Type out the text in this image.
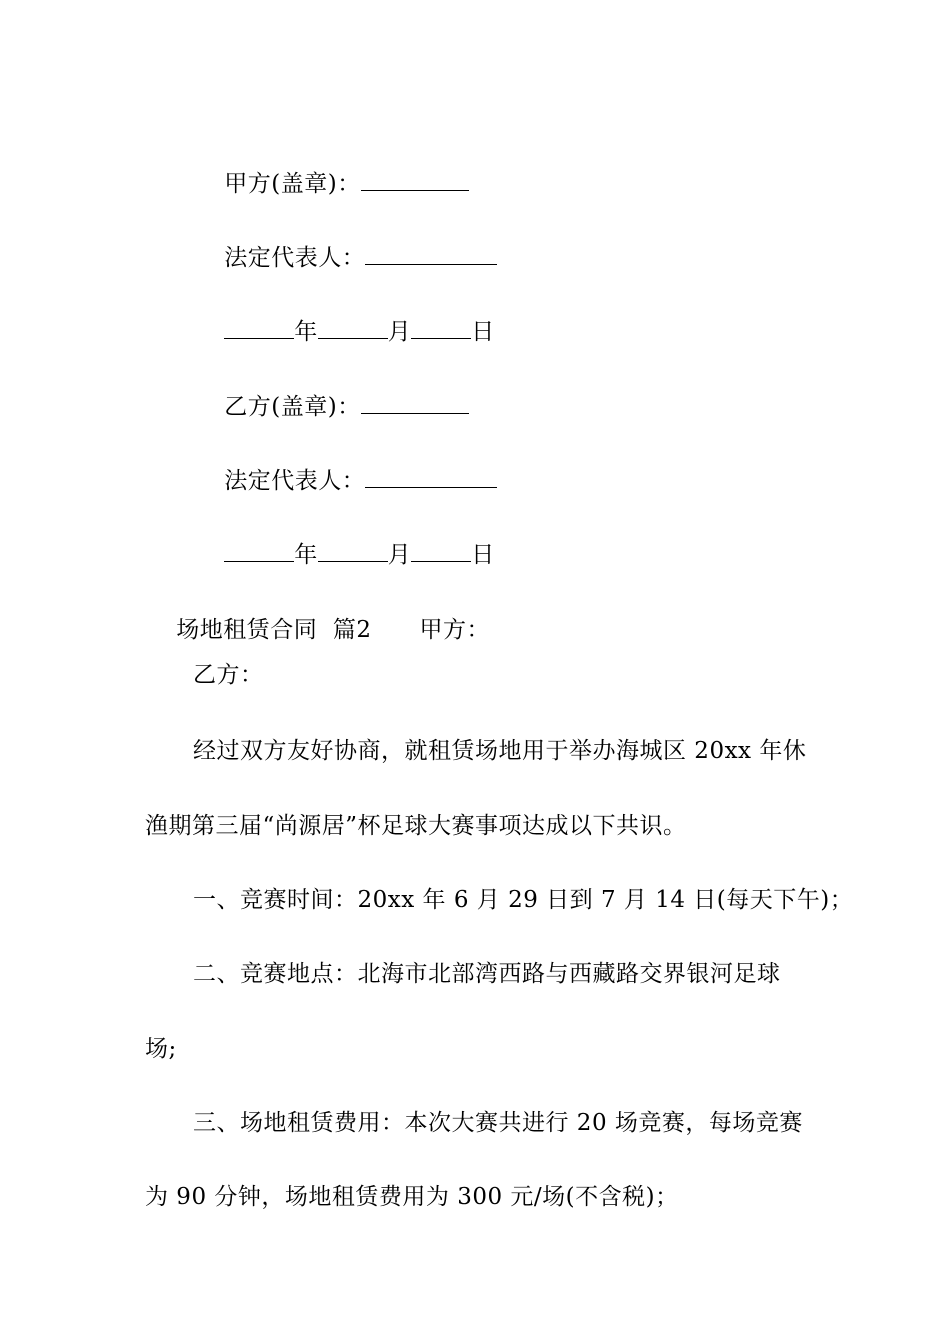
甲方(盖章)：

法定代表人：

年	月	日

乙方(盖章)：

法定代表人：

年	月	日

场地租赁合同  篇2 甲方：

乙方：
经过双方友好协商，就租赁场地用于举办海城区 20xx 年休
渔期第三届“尚源居”杯足球大赛事项达成以下共识。
一、竞赛时间：20xx 年 6 月 29 日到 7 月 14 日(每天下午)；
二、竞赛地点：北海市北部湾西路与西藏路交界银河足球
场;
三、场地租赁费用：本次大赛共进行 20 场竞赛，每场竞赛
为 90 分钟，场地租赁费用为 300 元/场(不含税)；
